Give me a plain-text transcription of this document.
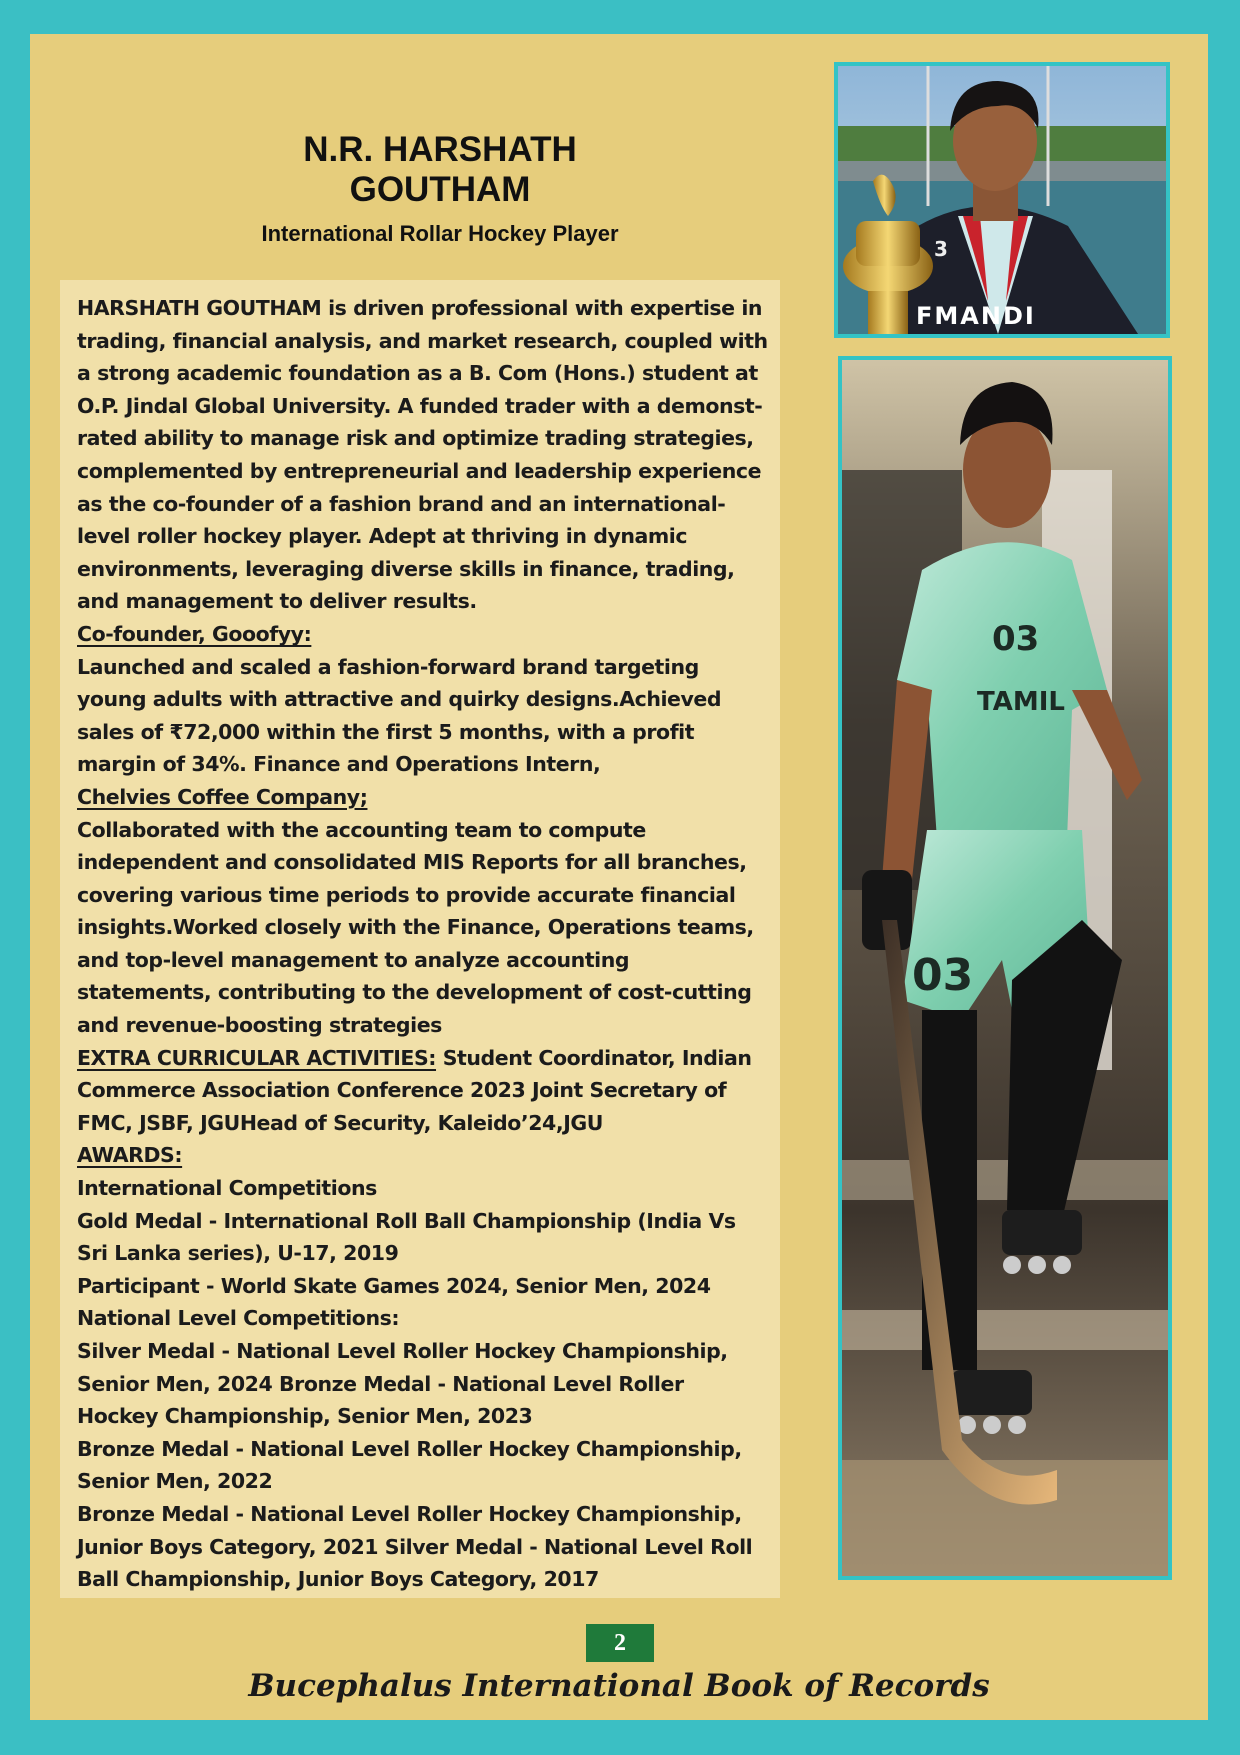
N.R. HARSHATH
GOUTHAM
International Rollar Hockey Player

HARSHATH GOUTHAM is driven professional with expertise in trading, financial analysis, and market research, coupled with a strong academic foundation as a B. Com (Hons.) student at O.P. Jindal Global University. A funded trader with a demonst-rated ability to manage risk and optimize trading strategies, complemented by entrepreneurial and leadership experience as the co-founder of a fashion brand and an international-level roller hockey player. Adept at thriving in dynamic environments, leveraging diverse skills in finance, trading, and management to deliver results.

Co-founder, Gooofyy:

Launched and scaled a fashion-forward brand targeting young adults with attractive and quirky designs.Achieved sales of ₹72,000 within the first 5 months, with a profit margin of 34%. Finance and Operations Intern,

Chelvies Coffee Company;

Collaborated with the accounting team to compute independent and consolidated MIS Reports for all branches, covering various time periods to provide accurate financial insights.Worked closely with the Finance, Operations teams, and top-level management to analyze accounting statements, contributing to the development of cost-cutting and revenue-boosting strategies

EXTRA CURRICULAR ACTIVITIES: Student Coordinator, Indian Commerce Association Conference 2023 Joint Secretary of FMC, JSBF, JGUHead of Security, Kaleido’24,JGU

AWARDS:

International Competitions

Gold Medal - International Roll Ball Championship (India Vs Sri Lanka series), U-17, 2019

Participant - World Skate Games 2024, Senior Men, 2024

National Level Competitions:

Silver Medal - National Level Roller Hockey Championship, Senior Men, 2024 Bronze Medal - National Level Roller Hockey Championship, Senior Men, 2023

Bronze Medal - National Level Roller Hockey Championship, Senior Men, 2022

Bronze Medal - National Level Roller Hockey Championship, Junior Boys Category, 2021 Silver Medal - National Level Roll Ball Championship, Junior Boys Category, 2017

3
FMANDI
03
TAMIL
03
2
Bucephalus International Book of Records
